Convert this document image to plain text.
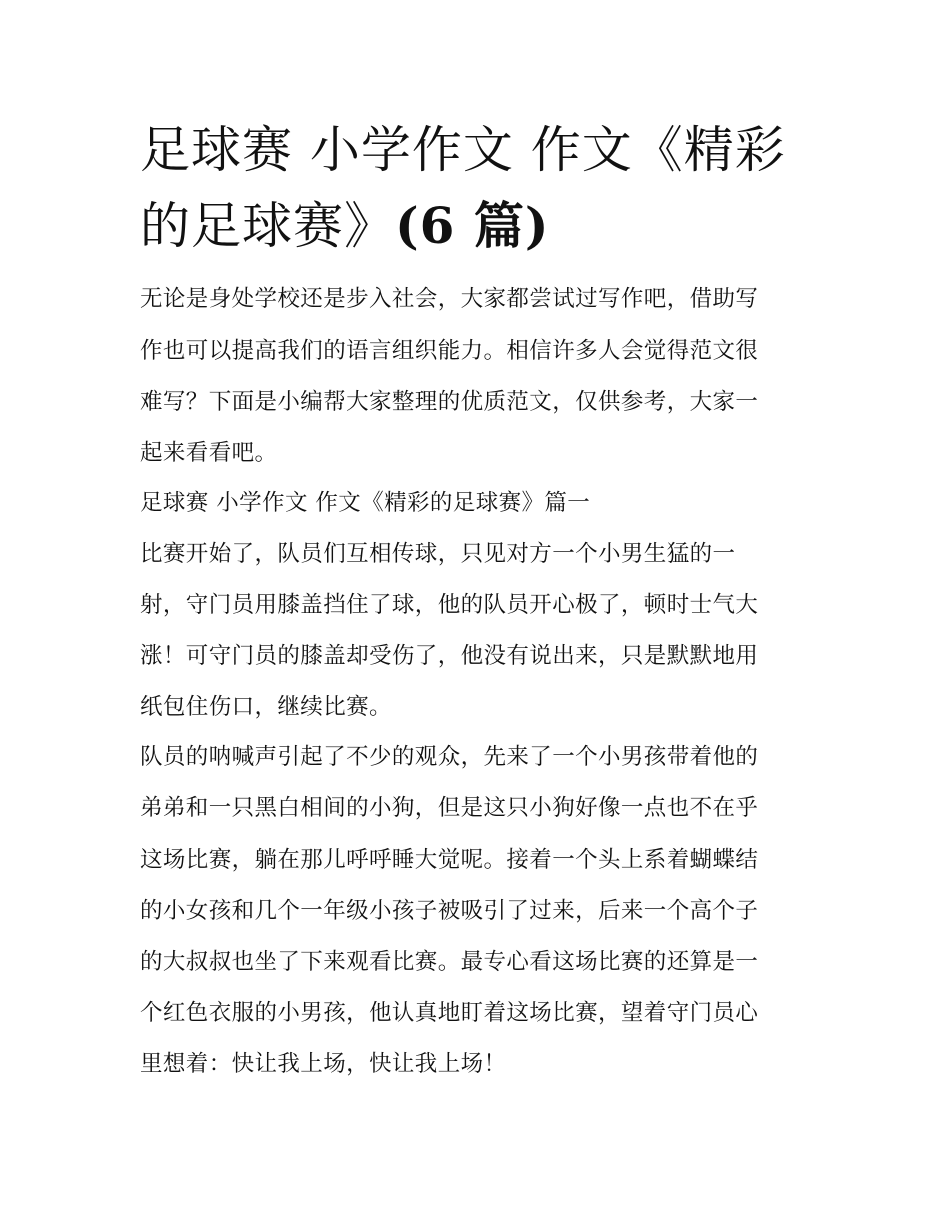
足球赛 小学作文 作文《精彩
的足球赛》(6 篇)

无论是身处学校还是步入社会，大家都尝试过写作吧，借助写

作也可以提高我们的语言组织能力。相信许多人会觉得范文很

难写？下面是小编帮大家整理的优质范文，仅供参考，大家一

起来看看吧。

足球赛 小学作文 作文《精彩的足球赛》篇一

比赛开始了，队员们互相传球，只见对方一个小男生猛的一

射，守门员用膝盖挡住了球，他的队员开心极了，顿时士气大

涨！可守门员的膝盖却受伤了，他没有说出来，只是默默地用

纸包住伤口，继续比赛。

队员的呐喊声引起了不少的观众，先来了一个小男孩带着他的

弟弟和一只黑白相间的小狗，但是这只小狗好像一点也不在乎

这场比赛，躺在那儿呼呼睡大觉呢。接着一个头上系着蝴蝶结

的小女孩和几个一年级小孩子被吸引了过来，后来一个高个子

的大叔叔也坐了下来观看比赛。最专心看这场比赛的还算是一

个红色衣服的小男孩，他认真地盯着这场比赛，望着守门员心

里想着：快让我上场，快让我上场！
